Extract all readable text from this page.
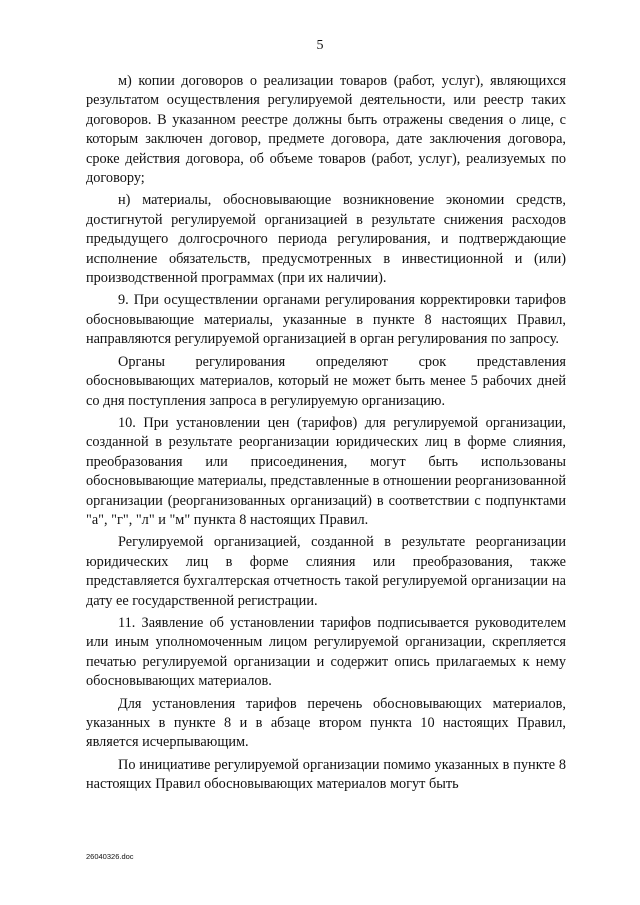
5

м) копии договоров о реализации товаров (работ, услуг), являющихся результатом осуществления регулируемой деятельности, или реестр таких договоров. В указанном реестре должны быть отражены сведения о лице, с которым заключен договор, предмете договора, дате заключения договора, сроке действия договора, об объеме товаров (работ, услуг), реализуемых по договору;

н) материалы, обосновывающие возникновение экономии средств, достигнутой регулируемой организацией в результате снижения расходов предыдущего долгосрочного периода регулирования, и подтверждающие исполнение обязательств, предусмотренных в инвестиционной и (или) производственной программах (при их наличии).

9. При осуществлении органами регулирования корректировки тарифов обосновывающие материалы, указанные в пункте 8 настоящих Правил, направляются регулируемой организацией в орган регулирования по запросу.

Органы регулирования определяют срок представления обосновывающих материалов, который не может быть менее 5 рабочих дней со дня поступления запроса в регулируемую организацию.

10. При установлении цен (тарифов) для регулируемой организации, созданной в результате реорганизации юридических лиц в форме слияния, преобразования или присоединения, могут быть использованы обосновывающие материалы, представленные в отношении реорганизованной организации (реорганизованных организаций) в соответствии с подпунктами "а", "г", "л" и "м" пункта 8 настоящих Правил.

Регулируемой организацией, созданной в результате реорганизации юридических лиц в форме слияния или преобразования, также представляется бухгалтерская отчетность такой регулируемой организации на дату ее государственной регистрации.

11. Заявление об установлении тарифов подписывается руководителем или иным уполномоченным лицом регулируемой организации, скрепляется печатью регулируемой организации и содержит опись прилагаемых к нему обосновывающих материалов.

Для установления тарифов перечень обосновывающих материалов, указанных в пункте 8 и в абзаце втором пункта 10 настоящих Правил, является исчерпывающим.

По инициативе регулируемой организации помимо указанных в пункте 8 настоящих Правил обосновывающих материалов могут быть

26040326.doc
